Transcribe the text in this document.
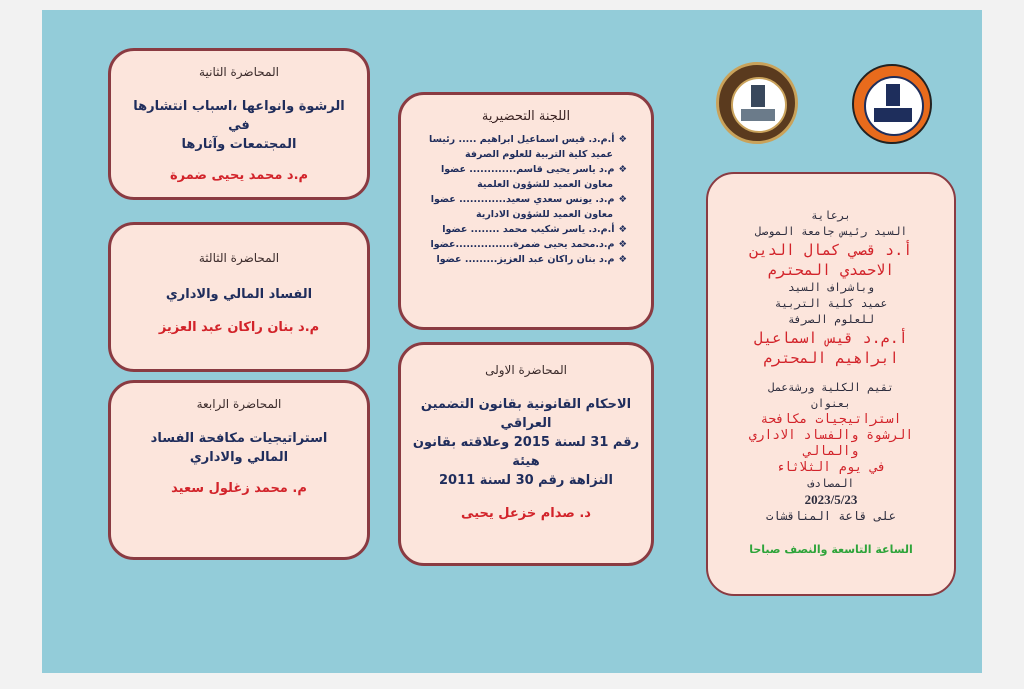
المحاضرة الثانية
الرشوة وانواعها ،اسباب انتشارها في
المجتمعات وآثارها
م.د محمد يحيى ضمرة
المحاضرة الثالثة
الفساد المالي والاداري
م.د بنان راكان عبد العزيز
المحاضرة الرابعة
استراتيجيات مكافحة الفساد
المالي والاداري
م. محمد زغلول سعيد
اللجنة التحضيرية
❖أ.م.د. قيس اسماعيل ابراهيم ..... رئيسا
عميد كلية التربية للعلوم الصرفة
❖م.د ياسر يحيى قاسم............. عضوا
معاون العميد للشؤون العلمية
❖م.د. يونس سعدي سعيد............. عضوا
معاون العميد للشؤون الادارية
❖أ.م.د. ياسر شكيب محمد ........ عضوا
❖م.د.محمد يحيى ضمرة................عضوا
❖م.د بنان راكان عبد العزيز......... عضوا
المحاضرة الاولى
الاحكام القانونية بقانون التضمين العراقي
رقم 31 لسنة 2015 وعلاقته بقانون هيئة
النزاهة رقم 30 لسنة 2011
د. صدام خزعل يحيى
برعاية
السيد رئيس جامعة الموصل
أ.د قصي كمال الدين
الاحمدي المحترم
وباشراف السيد
عميد كلية التربية
للعلوم الصرفة
أ.م.د قيس اسماعيل
ابراهيم المحترم
تقيم الكلية ورشةعمل
بعنوان
استراتيجيات مكافحة
الرشوة والفساد الاداري
والمالي
في يوم الثلاثاء
المصادف
2023/5/23
على قاعة المناقشات
الساعة التاسعة والنصف صباحا
